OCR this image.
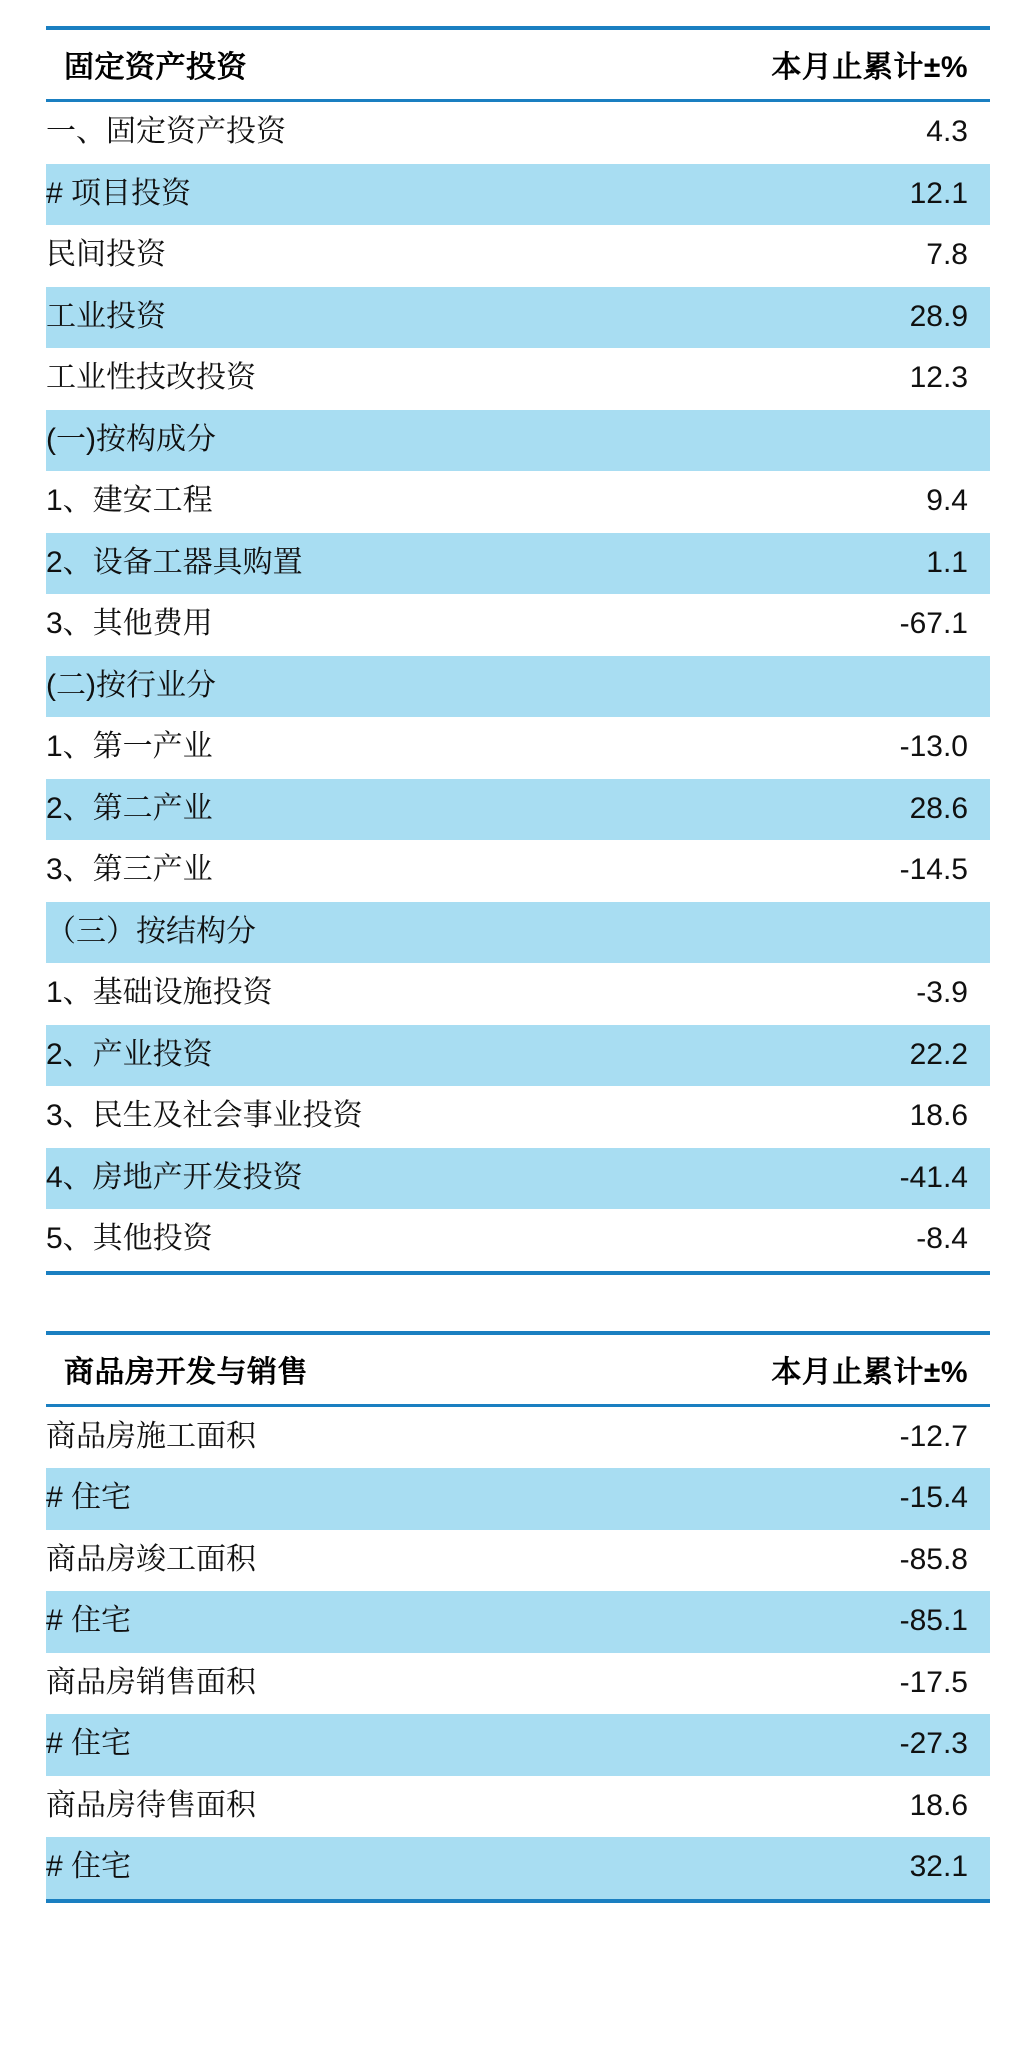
固定资产投资	本月止累计±%
一、固定资产投资	4.3
# 项目投资	12.1
民间投资	7.8
工业投资	28.9
工业性技改投资	12.3
(一)按构成分	
1、建安工程	9.4
2、设备工器具购置	1.1
3、其他费用	-67.1
(二)按行业分	
1、第一产业	-13.0
2、第二产业	28.6
3、第三产业	-14.5
（三）按结构分	
1、基础设施投资	-3.9
2、产业投资	22.2
3、民生及社会事业投资	18.6
4、房地产开发投资	-41.4
5、其他投资	-8.4
商品房开发与销售	本月止累计±%
商品房施工面积	-12.7
# 住宅	-15.4
商品房竣工面积	-85.8
# 住宅	-85.1
商品房销售面积	-17.5
# 住宅	-27.3
商品房待售面积	18.6
# 住宅	32.1
